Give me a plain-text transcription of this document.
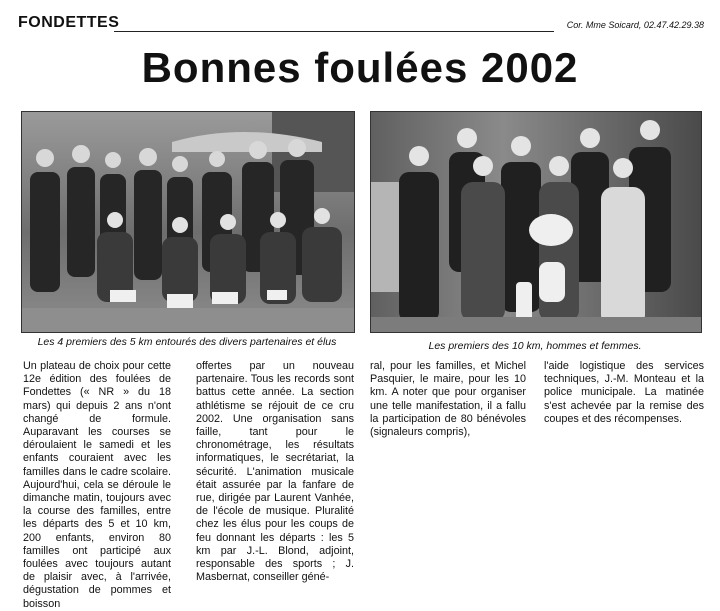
FONDETTES	Cor. Mme Soicard, 02.47.42.29.38
Bonnes foulées 2002
Les 4 premiers des 5 km entourés des divers partenaires et élus	Les premiers des 10 km, hommes et femmes.

Un plateau de choix pour cette 12e édition des foulées de Fondettes (« NR » du 18 mars) qui depuis 2 ans n'ont changé de formule. Auparavant les courses se déroulaient le samedi et les enfants couraient avec les familles dans le cadre scolaire. Aujourd'hui, cela se déroule le dimanche matin, toujours avec la course des familles, entre les départs des 5 et 10 km, 200 enfants, environ 80 familles ont participé aux foulées avec toujours autant de plaisir avec, à l'arrivée, dégustation de pommes et boisson

offertes par un nouveau partenaire. Tous les records sont battus cette année. La section athlétisme se réjouit de ce cru 2002. Une organisation sans faille, tant pour le chronométrage, les résultats informatiques, le secrétariat, la sécurité. L'animation musicale était assurée par la fanfare de rue, dirigée par Laurent Vanhée, de l'école de musique. Pluralité chez les élus pour les coups de feu donnant les départs : les 5 km par J.-L. Blond, adjoint, responsable des sports ; J. Masbernat, conseiller géné-

ral, pour les familles, et Michel Pasquier, le maire, pour les 10 km. A noter que pour organiser une telle manifestation, il a fallu la participation de 80 bénévoles (signaleurs compris),

l'aide logistique des services techniques, J.-M. Monteau et la police municipale. La matinée s'est achevée par la remise des coupes et des récompenses.
